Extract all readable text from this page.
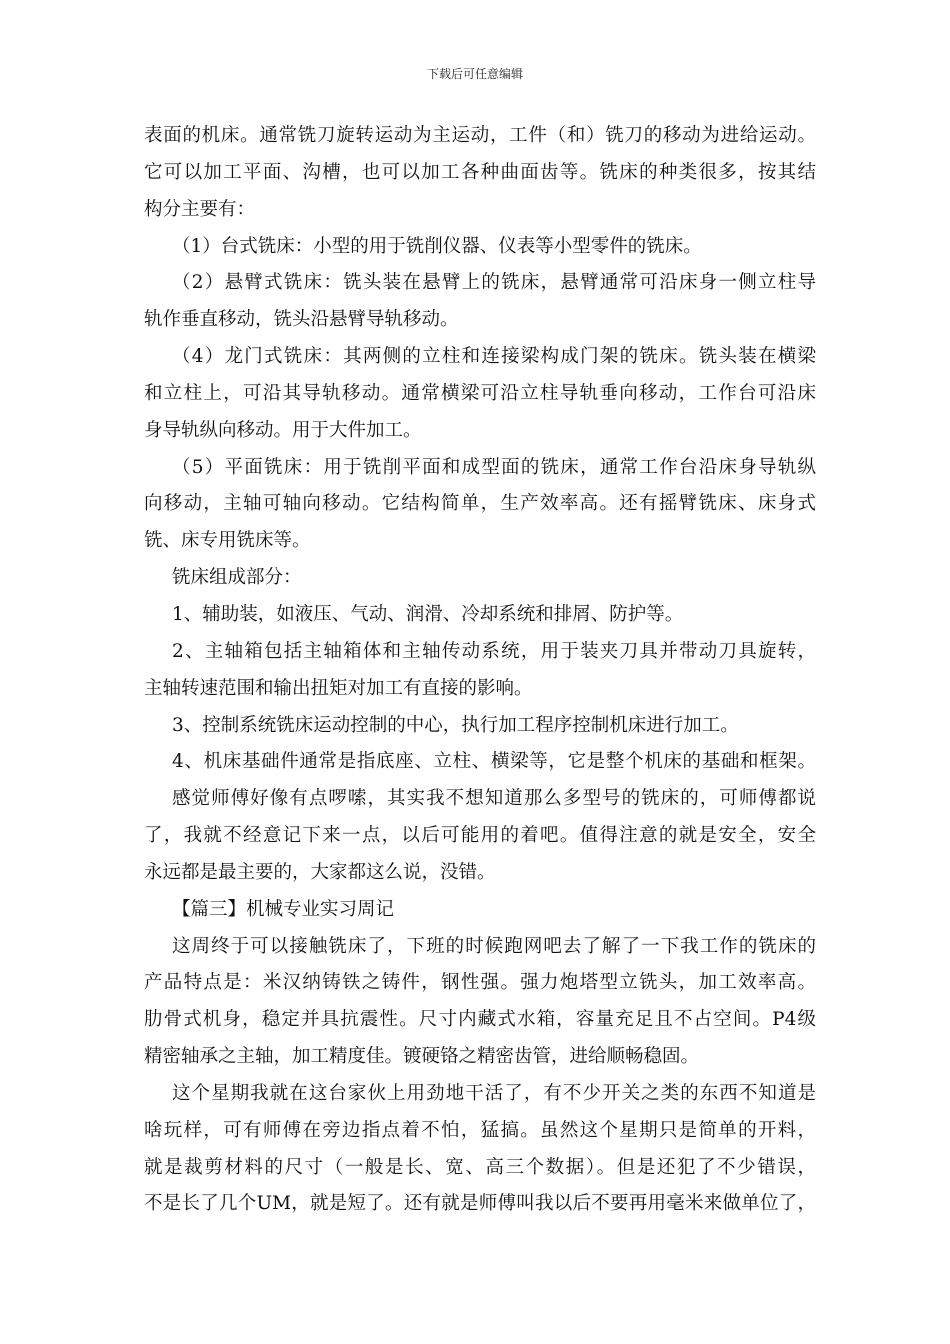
下载后可任意编辑
表面的机床。通常铣刀旋转运动为主运动，工件（和）铣刀的移动为进给运动。
它可以加工平面、沟槽，也可以加工各种曲面齿等。铣床的种类很多，按其结
构分主要有：
（1）台式铣床：小型的用于铣削仪器、仪表等小型零件的铣床。
（2）悬臂式铣床：铣头装在悬臂上的铣床，悬臂通常可沿床身一侧立柱导
轨作垂直移动，铣头沿悬臂导轨移动。
（4）龙门式铣床：其两侧的立柱和连接梁构成门架的铣床。铣头装在横梁
和立柱上，可沿其导轨移动。通常横梁可沿立柱导轨垂向移动，工作台可沿床
身导轨纵向移动。用于大件加工。
（5）平面铣床：用于铣削平面和成型面的铣床，通常工作台沿床身导轨纵
向移动，主轴可轴向移动。它结构简单，生产效率高。还有摇臂铣床、床身式
铣、床专用铣床等。
铣床组成部分：
1、辅助装，如液压、气动、润滑、冷却系统和排屑、防护等。
2、主轴箱包括主轴箱体和主轴传动系统，用于装夹刀具并带动刀具旋转，
主轴转速范围和输出扭矩对加工有直接的影响。
3、控制系统铣床运动控制的中心，执行加工程序控制机床进行加工。
4、机床基础件通常是指底座、立柱、横梁等，它是整个机床的基础和框架。
感觉师傅好像有点啰嗦，其实我不想知道那么多型号的铣床的，可师傅都说
了，我就不经意记下来一点，以后可能用的着吧。值得注意的就是安全，安全
永远都是最主要的，大家都这么说，没错。
【篇三】机械专业实习周记
这周终于可以接触铣床了，下班的时候跑网吧去了解了一下我工作的铣床的
产品特点是：米汉纳铸铁之铸件，钢性强。强力炮塔型立铣头，加工效率高。
肋骨式机身，稳定并具抗震性。尺寸内藏式水箱，容量充足且不占空间。P4级
精密轴承之主轴，加工精度佳。镀硬铬之精密齿管，进给顺畅稳固。
这个星期我就在这台家伙上用劲地干活了，有不少开关之类的东西不知道是
啥玩样，可有师傅在旁边指点着不怕，猛搞。虽然这个星期只是简单的开料，
就是裁剪材料的尺寸（一般是长、宽、高三个数据）。但是还犯了不少错误，
不是长了几个UM，就是短了。还有就是师傅叫我以后不要再用毫米来做单位了，
